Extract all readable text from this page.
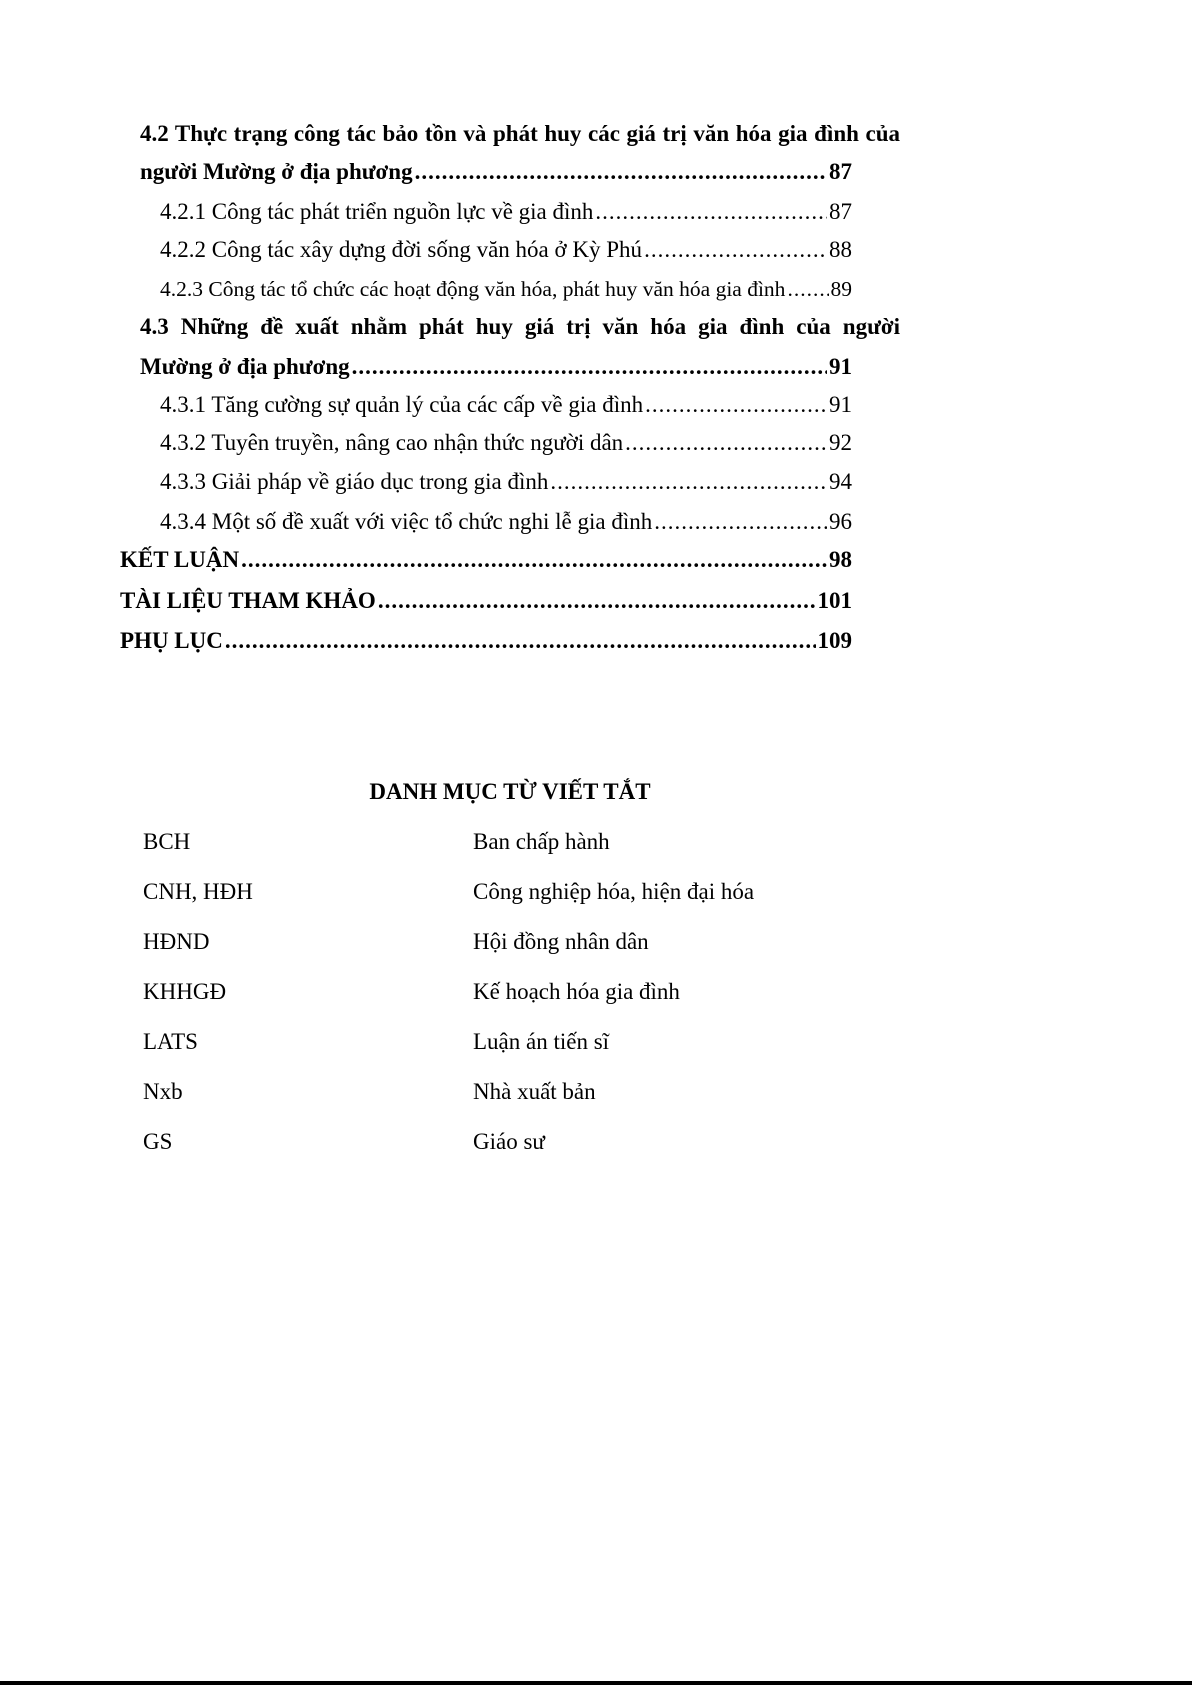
4.2 Thực trạng công tác bảo tồn và phát huy các giá trị văn hóa gia đình của
người Mường ở địa phương .....	87
4.2.1 Công tác phát triển nguồn lực về gia đình .....	87
4.2.2 Công tác xây dựng đời sống văn hóa ở Kỳ Phú .....	88
4.2.3 Công tác tổ chức các hoạt động văn hóa, phát huy văn hóa gia đình ..... 89
4.3 Những đề xuất nhằm phát huy giá trị văn hóa gia đình của người
Mường ở địa phương .....	91
4.3.1 Tăng cường sự quản lý của các cấp về gia đình .....	91
4.3.2 Tuyên truyền, nâng cao nhận thức người dân .....	92
4.3.3 Giải pháp về giáo dục trong gia đình .....	94
4.3.4 Một số đề xuất với việc tổ chức nghi lễ gia đình .....	96
KẾT LUẬN .....	98
TÀI LIỆU THAM KHẢO .....	101
PHỤ LỤC .....	109
DANH MỤC TỪ VIẾT TẮT
BCH	Ban chấp hành
CNH, HĐH	Công nghiệp hóa, hiện đại hóa
HĐND	Hội đồng nhân dân
KHHGĐ	Kế hoạch hóa gia đình
LATS	Luận án tiến sĩ
Nxb	Nhà xuất bản
GS	Giáo sư
